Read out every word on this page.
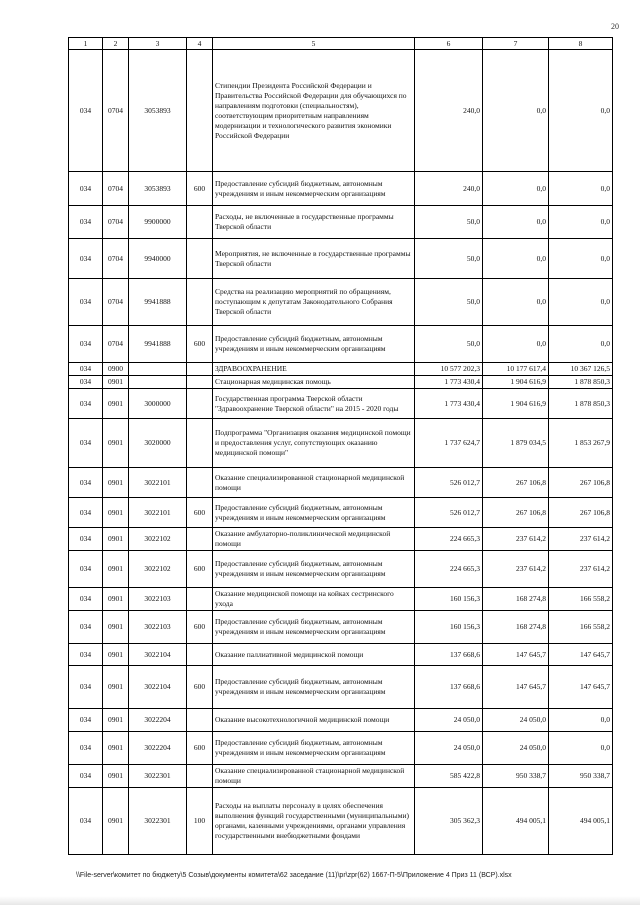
20
1	2	3	4	5	6	7	8
034	0704	3053893		Стипендии Президента Российской Федерации и Правительства Российской Федерации для обучающихся по направлениям подготовки (специальностям), соответствующим приоритетным направлениям модернизации и технологического развития экономики Российской Федерации	240,0	0,0	0,0
034	0704	3053893	600	Предоставление субсидий бюджетным, автономным учреждениям и иным некоммерческим организациям	240,0	0,0	0,0
034	0704	9900000		Расходы, не включенные в государственные программы Тверской области	50,0	0,0	0,0
034	0704	9940000		Мероприятия, не включенные в государственные программы Тверской области	50,0	0,0	0,0
034	0704	9941888		Средства на реализацию мероприятий по обращениям, поступающим к депутатам Законодательного Собрания Тверской области	50,0	0,0	0,0
034	0704	9941888	600	Предоставление субсидий бюджетным, автономным учреждениям и иным некоммерческим организациям	50,0	0,0	0,0
034	0900			ЗДРАВООХРАНЕНИЕ	10 577 202,3	10 177 617,4	10 367 126,5
034	0901			Стационарная медицинская помощь	1 773 430,4	1 904 616,9	1 878 850,3
034	0901	3000000		Государственная программа Тверской области "Здравоохранение Тверской области" на 2015 - 2020 годы	1 773 430,4	1 904 616,9	1 878 850,3
034	0901	3020000		Подпрограмма "Организация оказания медицинской помощи и предоставления услуг, сопутствующих оказанию медицинской помощи"	1 737 624,7	1 879 034,5	1 853 267,9
034	0901	3022101		Оказание специализированной стационарной медицинской помощи	526 012,7	267 106,8	267 106,8
034	0901	3022101	600	Предоставление субсидий бюджетным, автономным учреждениям и иным некоммерческим организациям	526 012,7	267 106,8	267 106,8
034	0901	3022102		Оказание амбулаторно-поликлинической медицинской помощи	224 665,3	237 614,2	237 614,2
034	0901	3022102	600	Предоставление субсидий бюджетным, автономным учреждениям и иным некоммерческим организациям	224 665,3	237 614,2	237 614,2
034	0901	3022103		Оказание медицинской помощи на койках сестринского ухода	160 156,3	168 274,8	166 558,2
034	0901	3022103	600	Предоставление субсидий бюджетным, автономным учреждениям и иным некоммерческим организациям	160 156,3	168 274,8	166 558,2
034	0901	3022104		Оказание паллиативной медицинской помощи	137 668,6	147 645,7	147 645,7
034	0901	3022104	600	Предоставление субсидий бюджетным, автономным учреждениям и иным некоммерческим организациям	137 668,6	147 645,7	147 645,7
034	0901	3022204		Оказание высокотехнологичной медицинской помощи	24 050,0	24 050,0	0,0
034	0901	3022204	600	Предоставление субсидий бюджетным, автономным учреждениям и иным некоммерческим организациям	24 050,0	24 050,0	0,0
034	0901	3022301		Оказание специализированной стационарной медицинской помощи	585 422,8	950 338,7	950 338,7
034	0901	3022301	100	Расходы на выплаты персоналу в целях обеспечения выполнения функций государственными (муниципальными) органами, казенными учреждениями, органами управления государственными внебюджетными фондами	305 362,3	494 005,1	494 005,1
\\File-server\комитет по бюджету\5 Созыв\документы комитета\62 заседание (11)\pr\zpr(62) 1667-П-5\Приложение 4 Приз 11 (ВСР).xlsx
